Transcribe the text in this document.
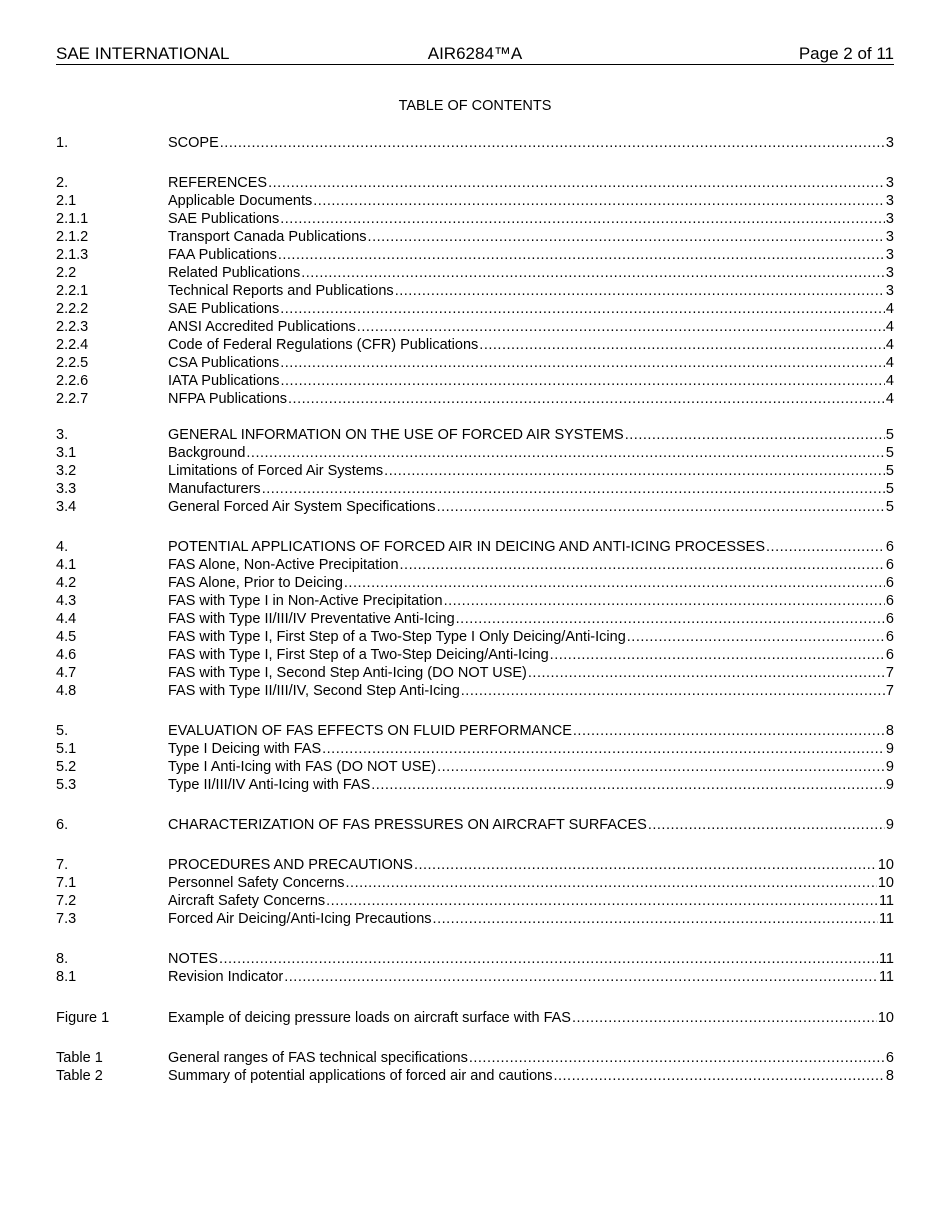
SAE INTERNATIONAL	AIR6284™A	Page 2 of 11
TABLE OF CONTENTS
1.	SCOPE .....	3
2.	REFERENCES .....	3
2.1	Applicable Documents .....	3
2.1.1	SAE Publications .....	3
2.1.2	Transport Canada Publications .....	3
2.1.3	FAA Publications .....	3
2.2	Related Publications .....	3
2.2.1	Technical Reports and Publications .....	3
2.2.2	SAE Publications .....	4
2.2.3	ANSI Accredited Publications .....	4
2.2.4	Code of Federal Regulations (CFR) Publications .....	4
2.2.5	CSA Publications .....	4
2.2.6	IATA Publications .....	4
2.2.7	NFPA Publications .....	4
3.	GENERAL INFORMATION ON THE USE OF FORCED AIR SYSTEMS .....	5
3.1	Background .....	5
3.2	Limitations of Forced Air Systems .....	5
3.3	Manufacturers .....	5
3.4	General Forced Air System Specifications .....	5
4.	POTENTIAL APPLICATIONS OF FORCED AIR IN DEICING AND ANTI-ICING PROCESSES .....	6
4.1	FAS Alone, Non-Active Precipitation .....	6
4.2	FAS Alone, Prior to Deicing .....	6
4.3	FAS with Type I in Non-Active Precipitation .....	6
4.4	FAS with Type II/III/IV Preventative Anti-Icing .....	6
4.5	FAS with Type I, First Step of a Two-Step Type I Only Deicing/Anti-Icing .....	6
4.6	FAS with Type I, First Step of a Two-Step Deicing/Anti-Icing .....	6
4.7	FAS with Type I, Second Step Anti-Icing (DO NOT USE) .....	7
4.8	FAS with Type II/III/IV, Second Step Anti-Icing .....	7
5.	EVALUATION OF FAS EFFECTS ON FLUID PERFORMANCE .....	8
5.1	Type I Deicing with FAS .....	9
5.2	Type I Anti-Icing with FAS (DO NOT USE) .....	9
5.3	Type II/III/IV Anti-Icing with FAS .....	9
6.	CHARACTERIZATION OF FAS PRESSURES ON AIRCRAFT SURFACES .....	9
7.	PROCEDURES AND PRECAUTIONS .....	10
7.1	Personnel Safety Concerns .....	10
7.2	Aircraft Safety Concerns .....	11
7.3	Forced Air Deicing/Anti-Icing Precautions .....	11
8.	NOTES .....	11
8.1	Revision Indicator .....	11
Figure 1	Example of deicing pressure loads on aircraft surface with FAS .....	10
Table 1	General ranges of FAS technical specifications .....	6
Table 2	Summary of potential applications of forced air and cautions .....	8
